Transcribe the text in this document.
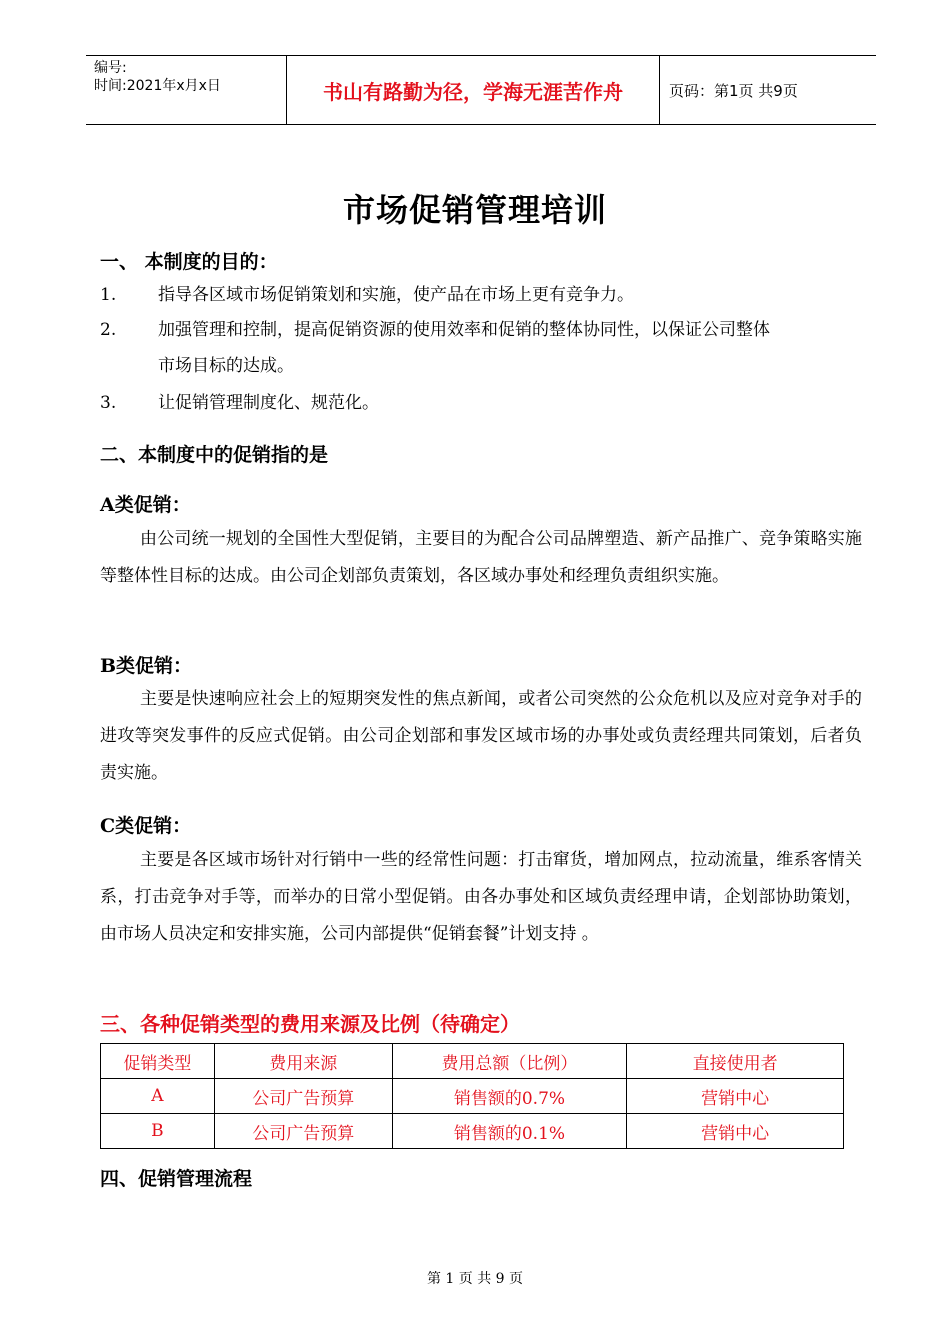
编号:
时间:2021年x月x日	书山有路勤为径，学海无涯苦作舟	页码：第1页 共9页
市场促销管理培训
一、 本制度的目的：
1.	指导各区域市场促销策划和实施，使产品在市场上更有竞争力。
2.	加强管理和控制，提高促销资源的使用效率和促销的整体协同性，以保证公司整体
市场目标的达成。
3.	让促销管理制度化、规范化。
二、本制度中的促销指的是
A类促销：
由公司统一规划的全国性大型促销，主要目的为配合公司品牌塑造、新产品推广、竞争策略实施等整体性目标的达成。由公司企划部负责策划，各区域办事处和经理负责组织实施。
B类促销：
主要是快速响应社会上的短期突发性的焦点新闻，或者公司突然的公众危机以及应对竞争对手的进攻等突发事件的反应式促销。由公司企划部和事发区域市场的办事处或负责经理共同策划，后者负责实施。
C类促销：
主要是各区域市场针对行销中一些的经常性问题：打击窜货，增加网点，拉动流量，维系客情关系，打击竞争对手等，而举办的日常小型促销。由各办事处和区域负责经理申请，企划部协助策划，由市场人员决定和安排实施，公司内部提供“促销套餐”计划支持 。
三、各种促销类型的费用来源及比例（待确定）
促销类型	费用来源	费用总额（比例）	直接使用者
A	公司广告预算	销售额的0.7%	营销中心
B	公司广告预算	销售额的0.1%	营销中心
四、促销管理流程
第 1 页 共 9 页
